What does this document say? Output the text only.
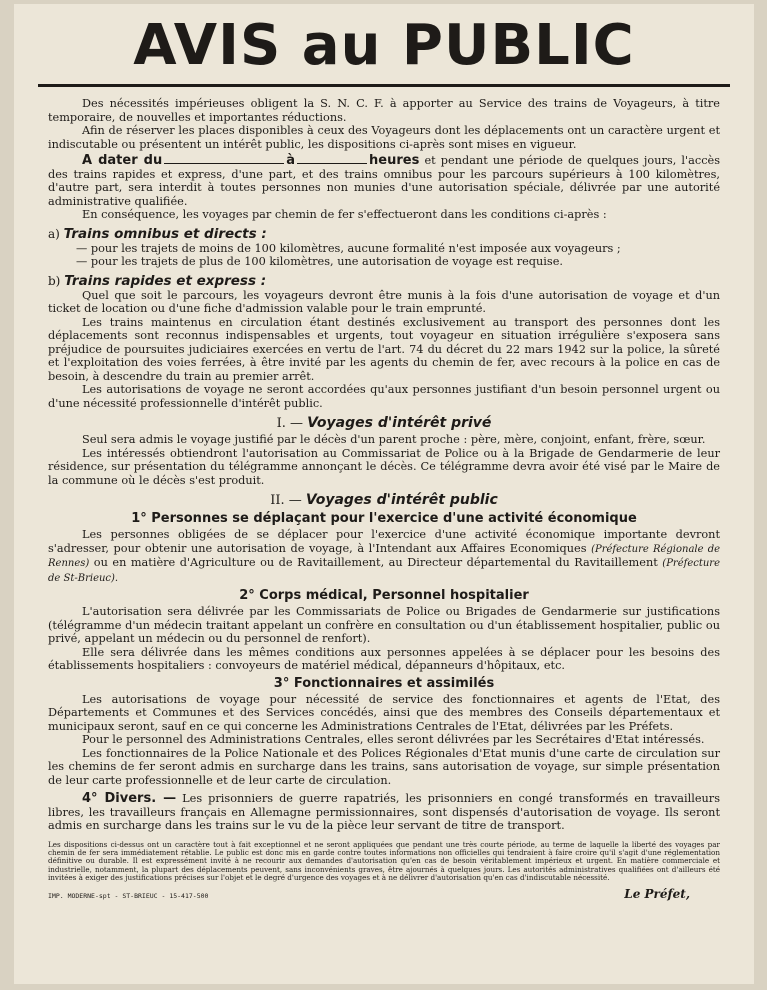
AVIS au PUBLIC

Des nécessités impérieuses obligent la S. N. C. F. à apporter au Service des trains de Voyageurs, à titre temporaire, de nouvelles et importantes réductions.

Afin de réserver les places disponibles à ceux des Voyageurs dont les déplacements ont un caractère urgent et indiscutable ou présentent un intérêt public, les dispositions ci-après sont mises en vigueur.

A dater du	à	heures et pendant une période de quelques jours, l'accès des trains rapides et express, d'une part, et des trains omnibus pour les parcours supérieurs à 100 kilomètres, d'autre part, sera interdit à toutes personnes non munies d'une autorisation spéciale, délivrée par une autorité administrative qualifiée.

En conséquence, les voyages par chemin de fer s'effectueront dans les conditions ci-après :

a) Trains omnibus et directs :

— pour les trajets de moins de 100 kilomètres, aucune formalité n'est imposée aux voyageurs ;

— pour les trajets de plus de 100 kilomètres, une autorisation de voyage est requise.

b) Trains rapides et express :

Quel que soit le parcours, les voyageurs devront être munis à la fois d'une autorisation de voyage et d'un ticket de location ou d'une fiche d'admission valable pour le train emprunté.

Les trains maintenus en circulation étant destinés exclusivement au transport des personnes dont les déplacements sont reconnus indispensables et urgents, tout voyageur en situation irrégulière s'exposera sans préjudice de poursuites judiciaires exercées en vertu de l'art. 74 du décret du 22 mars 1942 sur la police, la sûreté et l'exploitation des voies ferrées, à être invité par les agents du chemin de fer, avec recours à la police en cas de besoin, à descendre du train au premier arrêt.

Les autorisations de voyage ne seront accordées qu'aux personnes justifiant d'un besoin personnel urgent ou d'une nécessité professionnelle d'intérêt public.

I. — Voyages d'intérêt privé

Seul sera admis le voyage justifié par le décès d'un parent proche : père, mère, conjoint, enfant, frère, sœur.

Les intéressés obtiendront l'autorisation au Commissariat de Police ou à la Brigade de Gendarmerie de leur résidence, sur présentation du télégramme annonçant le décès. Ce télégramme devra avoir été visé par le Maire de la commune où le décès s'est produit.

II. — Voyages d'intérêt public
1° Personnes se déplaçant pour l'exercice d'une activité économique

Les personnes obligées de se déplacer pour l'exercice d'une activité économique importante devront s'adresser, pour obtenir une autorisation de voyage, à l'Intendant aux Affaires Economiques (Préfecture Régionale de Rennes) ou en matière d'Agriculture ou de Ravitaillement, au Directeur départemental du Ravitaillement (Préfecture de St-Brieuc).

2° Corps médical, Personnel hospitalier

L'autorisation sera délivrée par les Commissariats de Police ou Brigades de Gendarmerie sur justifications (télégramme d'un médecin traitant appelant un confrère en consultation ou d'un établissement hospitalier, public ou privé, appelant un médecin ou du personnel de renfort).

Elle sera délivrée dans les mêmes conditions aux personnes appelées à se déplacer pour les besoins des établissements hospitaliers : convoyeurs de matériel médical, dépanneurs d'hôpitaux, etc.

3° Fonctionnaires et assimilés

Les autorisations de voyage pour nécessité de service des fonctionnaires et agents de l'Etat, des Départements et Communes et des Services concédés, ainsi que des membres des Conseils départementaux et municipaux seront, sauf en ce qui concerne les Administrations Centrales de l'Etat, délivrées par les Préfets.

Pour le personnel des Administrations Centrales, elles seront délivrées par les Secrétaires d'Etat intéressés.

Les fonctionnaires de la Police Nationale et des Polices Régionales d'Etat munis d'une carte de circulation sur les chemins de fer seront admis en surcharge dans les trains, sans autorisation de voyage, sur simple présentation de leur carte professionnelle et de leur carte de circulation.

4° Divers. — Les prisonniers de guerre rapatriés, les prisonniers en congé transformés en travailleurs libres, les travailleurs français en Allemagne permissionnaires, sont dispensés d'autorisation de voyage. Ils seront admis en surcharge dans les trains sur le vu de la pièce leur servant de titre de transport.

Les dispositions ci-dessus ont un caractère tout à fait exceptionnel et ne seront appliquées que pendant une très courte période, au terme de laquelle la liberté des voyages par chemin de fer sera immédiatement rétablie. Le public est donc mis en garde contre toutes informations non officielles qui tendraient à faire croire qu'il s'agit d'une réglementation définitive ou durable. Il est expressément invité à ne recourir aux demandes d'autorisation qu'en cas de besoin véritablement impérieux et urgent. En matière commerciale et industrielle, notamment, la plupart des déplacements peuvent, sans inconvénients graves, être ajournés à quelques jours. Les autorités administratives qualifiées ont d'ailleurs été invitées à exiger des justifications précises sur l'objet et le degré d'urgence des voyages et à ne délivrer d'autorisation qu'en cas d'indiscutable nécessité.

IMP. MODERNE-spt - ST-BRIEUC - 15-417-500	Le Préfet,
